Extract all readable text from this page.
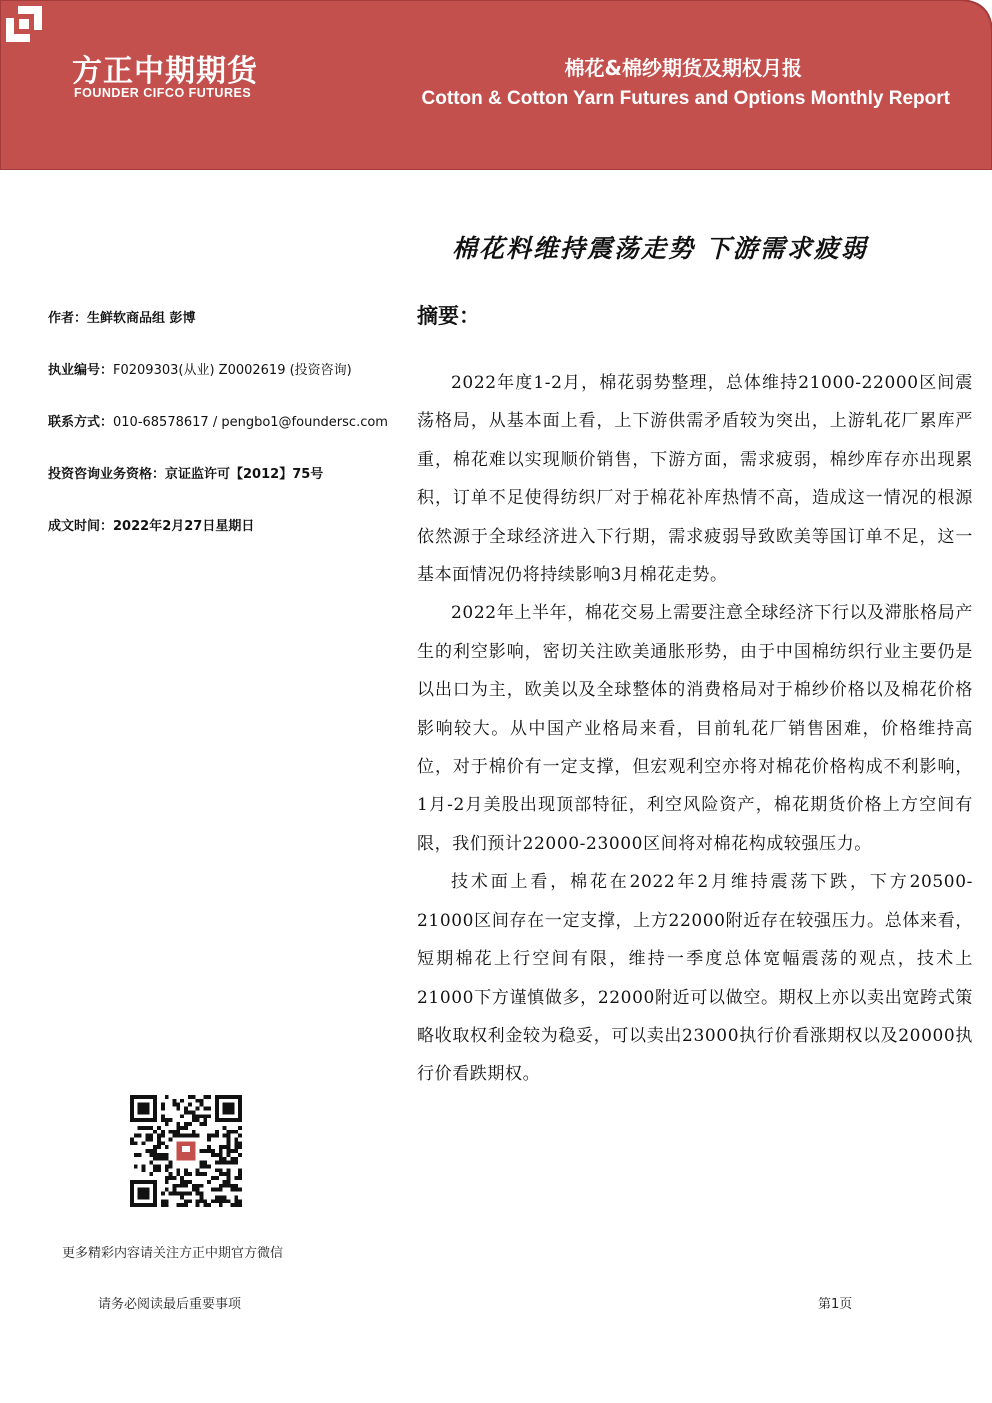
方正中期期货
FOUNDER CIFCO FUTURES
棉花&棉纱期货及期权月报
Cotton & Cotton Yarn Futures and Options Monthly Report
棉花料维持震荡走势 下游需求疲弱
作者：生鲜软商品组 彭博
执业编号：F0209303(从业) Z0002619 (投资咨询)
联系方式：010-68578617 / pengbo1@foundersc.com
投资咨询业务资格：京证监许可【2012】75号
成文时间：2022年2月27日星期日
摘要：

2022年度1-2月，棉花弱势整理，总体维持21000-22000区间震荡格局，从基本面上看，上下游供需矛盾较为突出，上游轧花厂累库严重，棉花难以实现顺价销售，下游方面，需求疲弱，棉纱库存亦出现累积，订单不足使得纺织厂对于棉花补库热情不高，造成这一情况的根源依然源于全球经济进入下行期，需求疲弱导致欧美等国订单不足，这一基本面情况仍将持续影响3月棉花走势。

2022年上半年，棉花交易上需要注意全球经济下行以及滞胀格局产生的利空影响，密切关注欧美通胀形势，由于中国棉纺织行业主要仍是以出口为主，欧美以及全球整体的消费格局对于棉纱价格以及棉花价格影响较大。从中国产业格局来看，目前轧花厂销售困难，价格维持高位，对于棉价有一定支撑，但宏观利空亦将对棉花价格构成不利影响，1月-2月美股出现顶部特征，利空风险资产，棉花期货价格上方空间有限，我们预计22000-23000区间将对棉花构成较强压力。

技术面上看，棉花在2022年2月维持震荡下跌，下方20500-21000区间存在一定支撑，上方22000附近存在较强压力。总体来看，短期棉花上行空间有限，维持一季度总体宽幅震荡的观点，技术上21000下方谨慎做多，22000附近可以做空。期权上亦以卖出宽跨式策略收取权利金较为稳妥，可以卖出23000执行价看涨期权以及20000执行价看跌期权。

更多精彩内容请关注方正中期官方微信
请务必阅读最后重要事项	第1页
